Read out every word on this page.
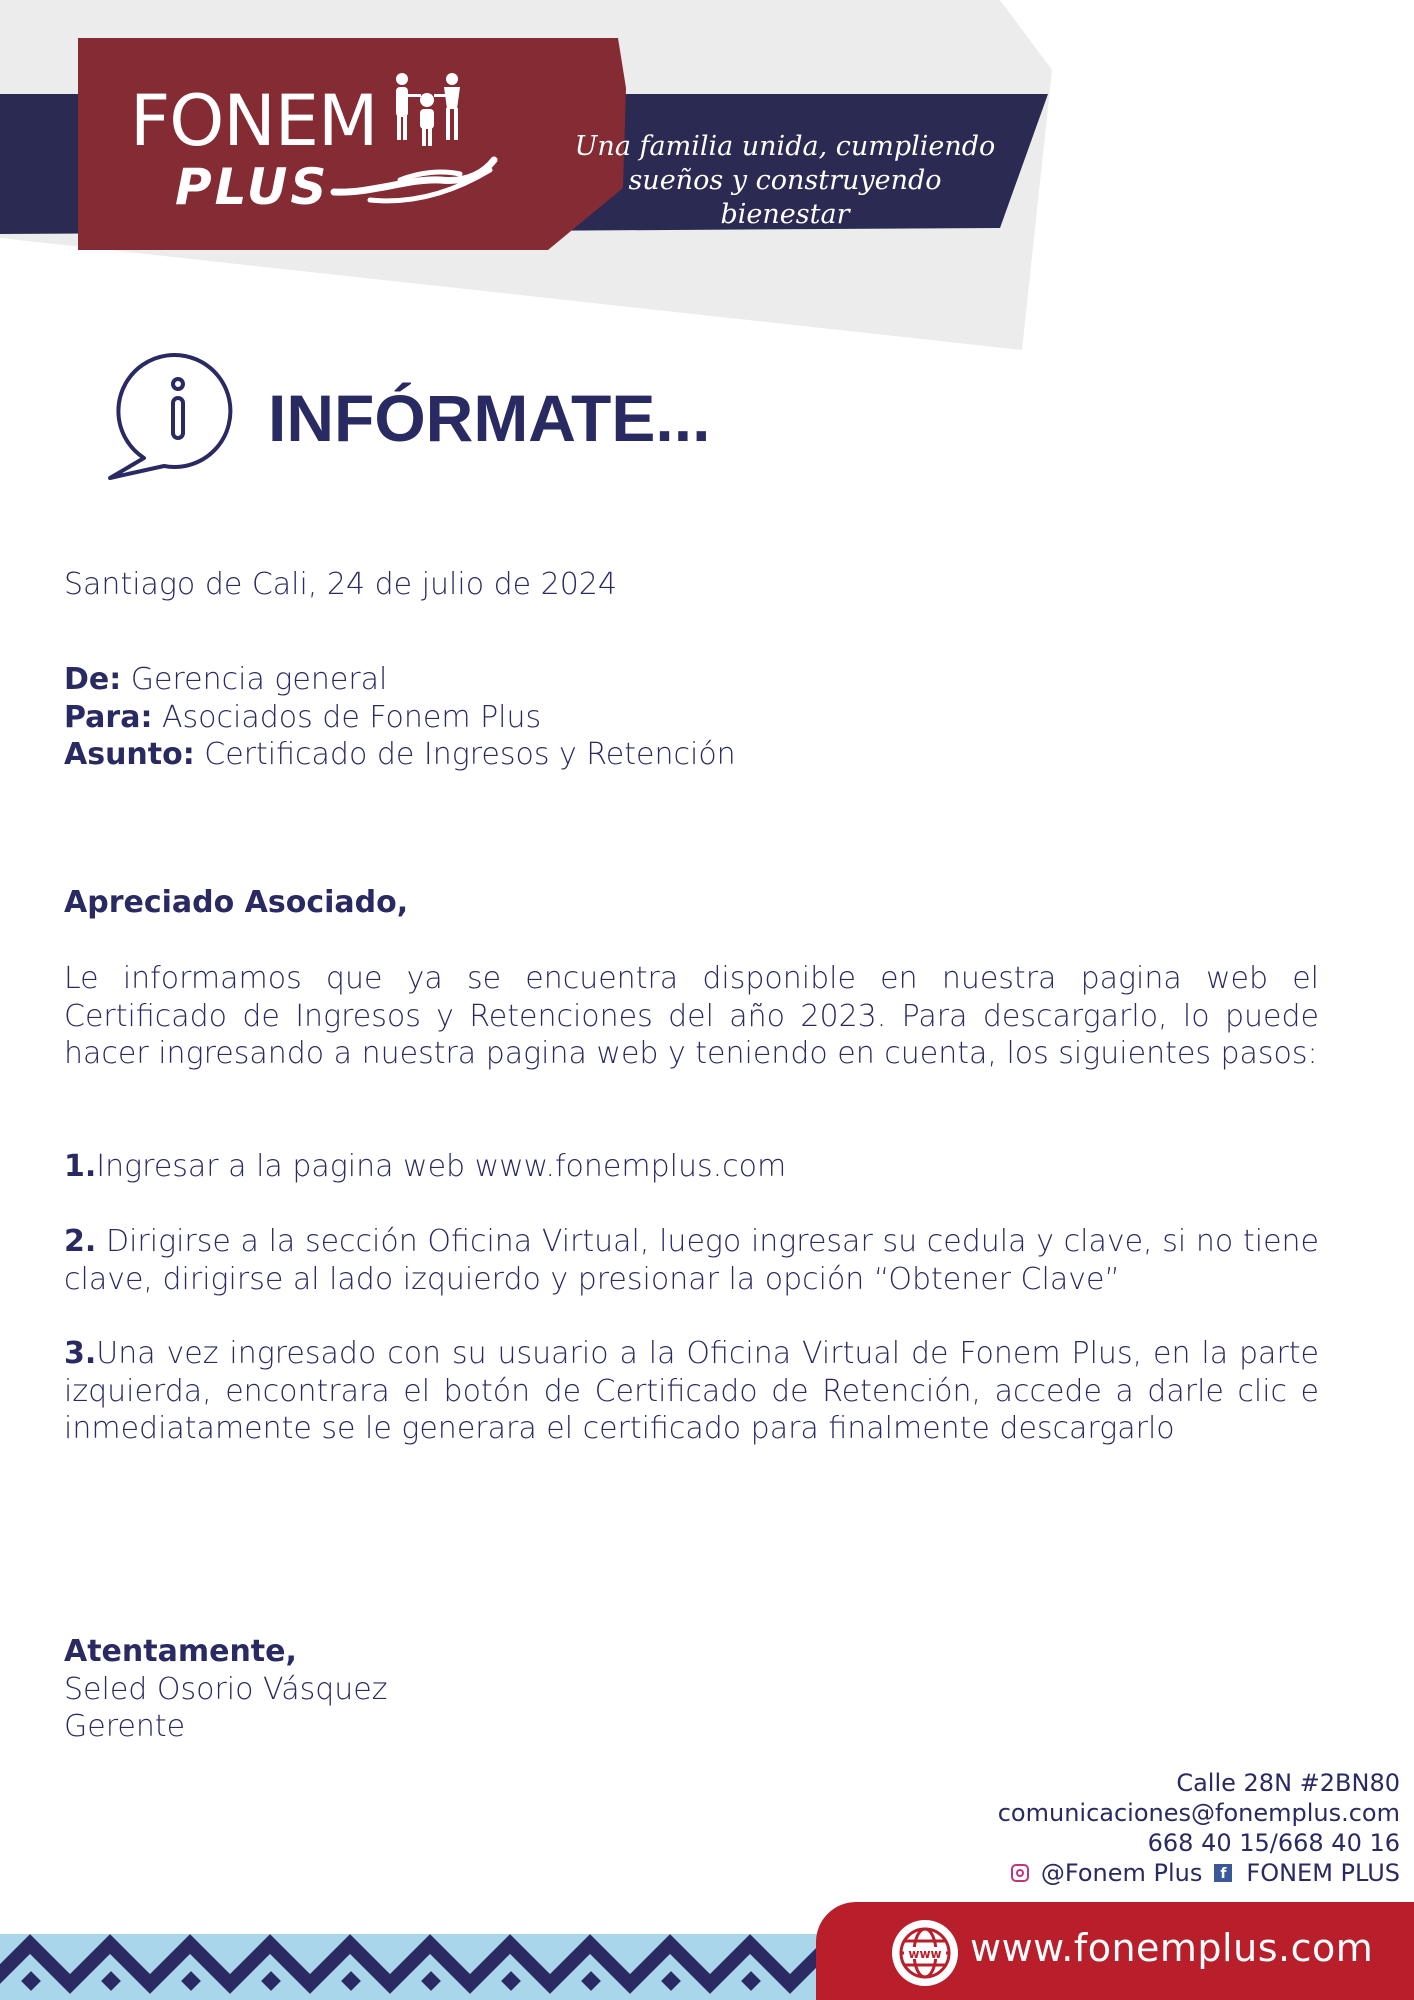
FONEM
PLUS
Una familia unida, cumpliendo sueños y construyendo bienestar
INFÓRMATE...
Santiago de Cali, 24 de julio de 2024
De: Gerencia general
Para: Asociados de Fonem Plus
Asunto: Certificado de Ingresos y Retención
Apreciado Asociado,
Le informamos que ya se encuentra disponible en nuestra pagina web el Certificado de Ingresos y Retenciones del año 2023. Para descargarlo, lo puede hacer ingresando a nuestra pagina web y teniendo en cuenta, los siguientes pasos:
1.Ingresar a la pagina web www.fonemplus.com
2. Dirigirse a la sección Oficina Virtual, luego ingresar su cedula y clave, si no tiene clave, dirigirse al lado izquierdo y presionar la opción “Obtener Clave”
3.Una vez ingresado con su usuario a la Oficina Virtual de Fonem Plus, en la parte izquierda, encontrara el botón de Certificado de Retención, accede a darle clic e inmediatamente se le generara el certificado para finalmente descargarlo
Atentamente,
Seled Osorio Vásquez
Gerente
Calle 28N #2BN80
comunicaciones@fonemplus.com
668 40 15/668 40 16
@Fonem Plus	f FONEM PLUS
www www.fonemplus.com
